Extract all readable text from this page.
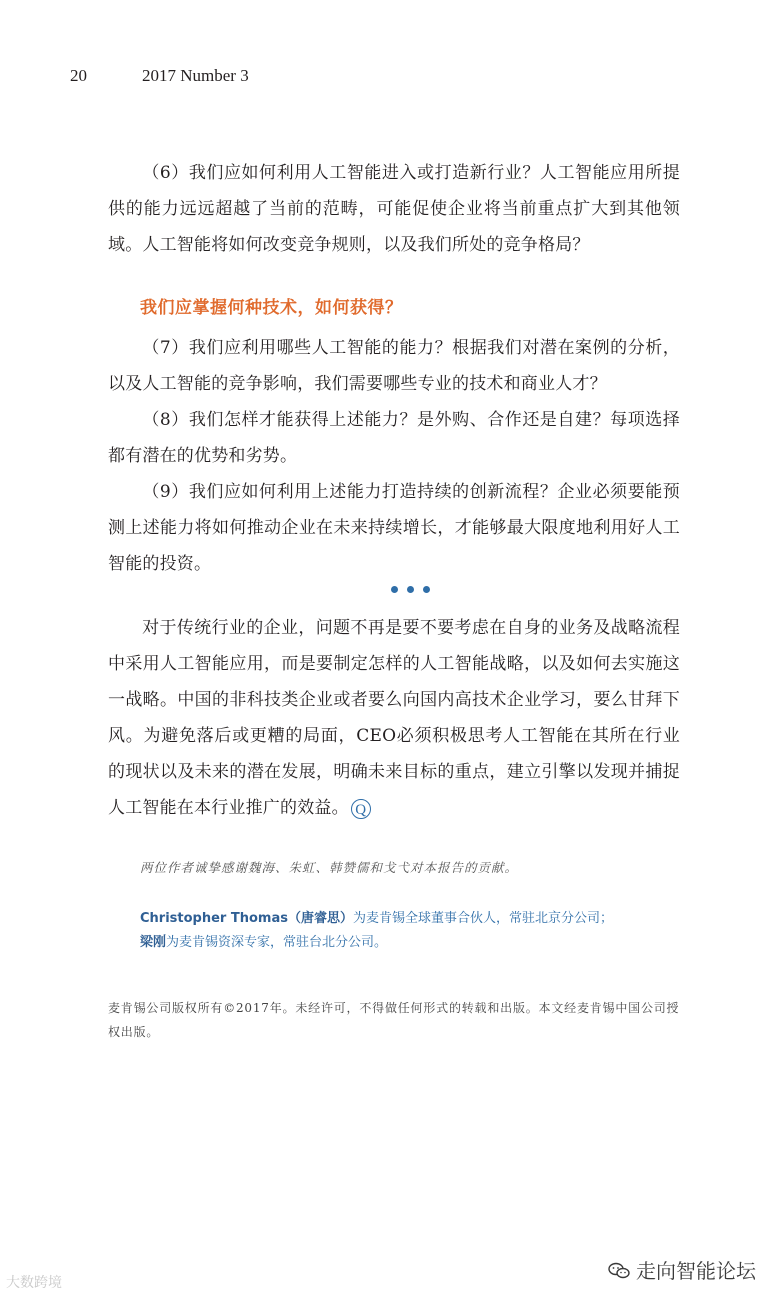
20	2017 Number 3
（6）我们应如何利用人工智能进入或打造新行业？人工智能应用所提供的能力远远超越了当前的范畴，可能促使企业将当前重点扩大到其他领域。人工智能将如何改变竞争规则，以及我们所处的竞争格局？
我们应掌握何种技术，如何获得？
（7）我们应利用哪些人工智能的能力？根据我们对潜在案例的分析，以及人工智能的竞争影响，我们需要哪些专业的技术和商业人才？
（8）我们怎样才能获得上述能力？是外购、合作还是自建？每项选择都有潜在的优势和劣势。
（9）我们应如何利用上述能力打造持续的创新流程？企业必须要能预测上述能力将如何推动企业在未来持续增长，才能够最大限度地利用好人工智能的投资。
对于传统行业的企业，问题不再是要不要考虑在自身的业务及战略流程中采用人工智能应用，而是要制定怎样的人工智能战略，以及如何去实施这一战略。中国的非科技类企业或者要么向国内高技术企业学习，要么甘拜下风。为避免落后或更糟的局面，CEO必须积极思考人工智能在其所在行业的现状以及未来的潜在发展，明确未来目标的重点，建立引擎以发现并捕捉人工智能在本行业推广的效益。 Q
两位作者诚挚感谢魏海、朱虹、韩赞儒和戈弋对本报告的贡献。
Christopher Thomas（唐睿思）为麦肯锡全球董事合伙人，常驻北京分公司；
梁刚为麦肯锡资深专家，常驻台北分公司。
麦肯锡公司版权所有©2017年。未经许可，不得做任何形式的转载和出版。本文经麦肯锡中国公司授权出版。
大数跨境	走向智能论坛
